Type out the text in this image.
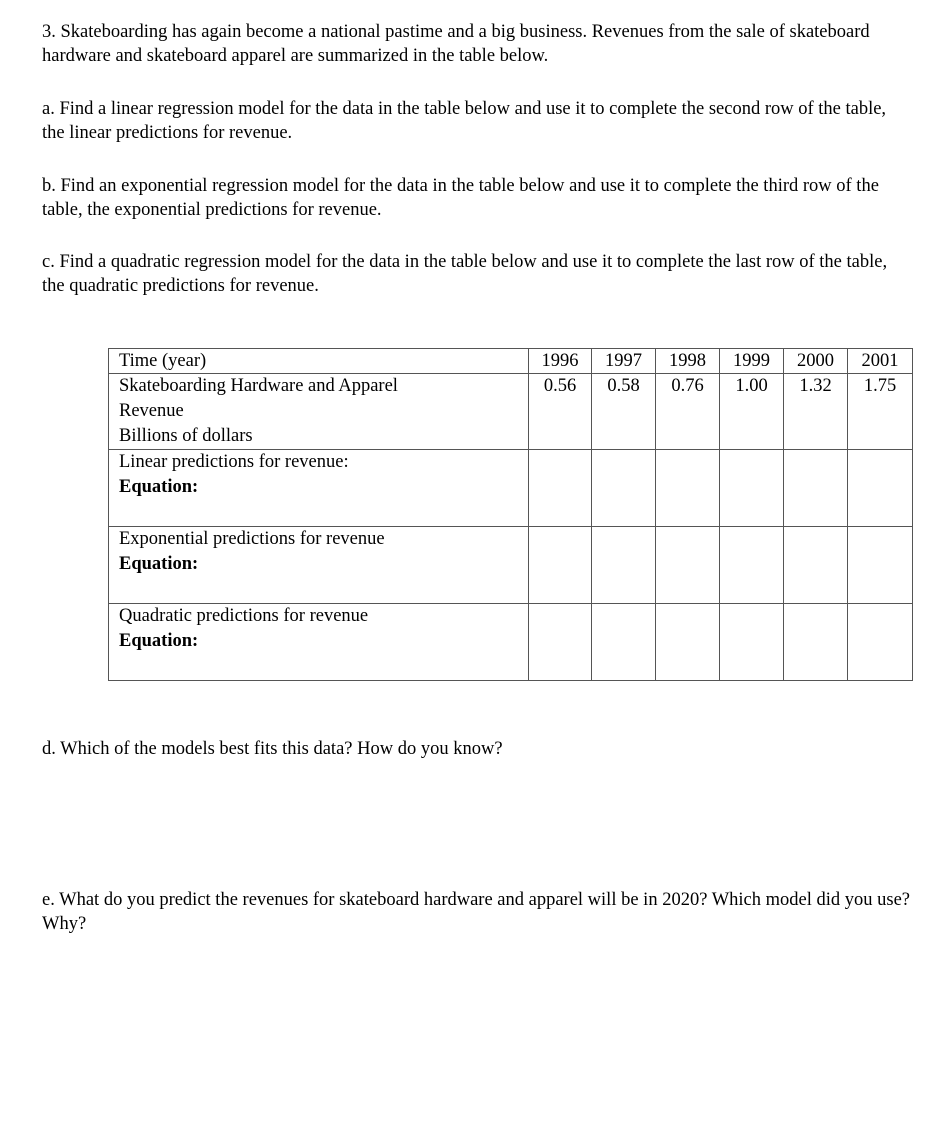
3. Skateboarding has again become a national pastime and a big business. Revenues from the sale of skateboard hardware and skateboard apparel are summarized in the table below.

a. Find a linear regression model for the data in the table below and use it to complete the second row of the table, the linear predictions for revenue.

b. Find an exponential regression model for the data in the table below and use it to complete the third row of the table, the exponential predictions for revenue.

c. Find a quadratic regression model for the data in the table below and use it to complete the last row of the table, the quadratic predictions for revenue.

Time (year)	1996	1997	1998	1999	2000	2001

Skateboarding Hardware and Apparel
Revenue
Billions of dollars	0.56	0.58	0.76	1.00	1.32	1.75

Linear predictions for revenue:
Equation:						

Exponential predictions for revenue
Equation:						

Quadratic predictions for revenue
Equation:						

d. Which of the models best fits this data? How do you know?

e. What do you predict the revenues for skateboard hardware and apparel will be in 2020? Which model did you use? Why?
